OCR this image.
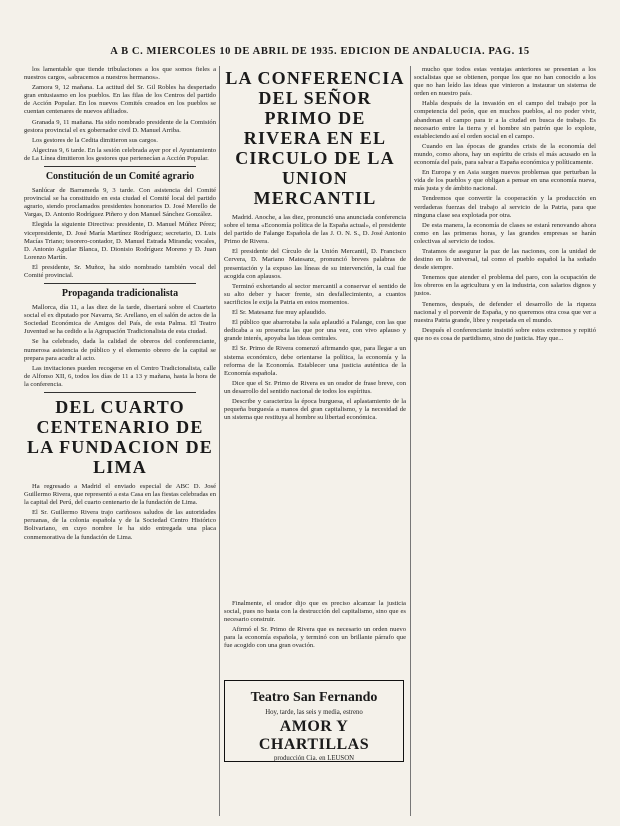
A B C. MIERCOLES 10 DE ABRIL DE 1935. EDICION DE ANDALUCIA. PAG. 15

los lamentable que tiende tribulaciones a los que somos fieles a nuestros cargos, «abracemos a nuestros hermanos».

Zamora 9, 12 mañana. La actitud del Sr. Gil Robles ha despertado gran entusiasmo en los pueblos. En las filas de los Centros del partido de Acción Popular. En los nuevos Comités creados en los pueblos se cuentan centenares de nuevos afiliados.

Granada 9, 11 mañana. Ha sido nombrado presidente de la Comisión gestora provincial el ex gobernador civil D. Manuel Arriba.

Los gestores de la Cedita dimitieron sus cargos.

Algeciras 9, 6 tarde. En la sesión celebrada ayer por el Ayuntamiento de La Línea dimitieron los gestores que pertenecían a Acción Popular.

Constitución de un Comité agrario

Sanlúcar de Barrameda 9, 3 tarde. Con asistencia del Comité provincial se ha constituido en esta ciudad el Comité local del partido agrario, siendo proclamados presidentes honorarios D. José Merello de Vargas, D. Antonio Rodríguez Piñero y don Manuel Sánchez González.

Elegida la siguiente Directiva: presidente, D. Manuel Múñez Pérez; vicepresidente, D. José María Martínez Rodríguez; secretario, D. Luis Macías Triano; tesorero-contador, D. Manuel Estrada Miranda; vocales, D. Antonio Aguilar Blanca, D. Dionisio Rodríguez Moreno y D. Juan Lorenzo Martín.

El presidente, Sr. Muñoz, ha sido nombrado también vocal del Comité provincial.

Propaganda tradicionalista

Mallorca, día 11, a las diez de la tarde, disertará sobre el Cuarteto social el ex diputado por Navarra, Sr. Arellano, en el salón de actos de la Sociedad Económica de Amigos del País, de esta Palma. El Teatro Juventud se ha cedido a la Agrupación Tradicionalista de esta ciudad.

Se ha celebrado, dada la calidad de obreros del conferenciante, numerosa asistencia de público y el elemento obrero de la capital se prepara para acudir al acto.

Las invitaciones pueden recogerse en el Centro Tradicionalista, calle de Alfonso XII, 6, todos los días de 11 a 13 y mañana, hasta la hora de la conferencia.

DEL CUARTO CENTENARIO DE LA FUNDACION DE LIMA

Ha regresado a Madrid el enviado especial de ABC D. José Guillermo Rivera, que representó a esta Casa en las fiestas celebradas en la capital del Perú, del cuarto centenario de la fundación de Lima.

El Sr. Guillermo Rivera trajo cariñosos saludos de las autoridades peruanas, de la colonia española y de la Sociedad Centro Histórico Bolivariano, en cuyo nombre le ha sido entregada una placa conmemorativa de la fundación de Lima.

LA CONFERENCIA DEL SEÑOR PRIMO DE RIVERA EN EL CIRCULO DE LA UNION MERCANTIL

Madrid. Anoche, a las diez, pronunció una anunciada conferencia sobre el tema «Economía política de la España actual», el presidente del partido de Falange Española de las J. O. N. S., D. José Antonio Primo de Rivera.

El presidente del Círculo de la Unión Mercantil, D. Francisco Cervera, D. Mariano Matesanz, pronunció breves palabras de presentación y la expuso las líneas de su intervención, la cual fue acogida con aplausos.

Terminó exhortando al sector mercantil a conservar el sentido de su alto deber y hacer frente, sin desfallecimiento, a cuantos sacrificios le exija la Patria en estos momentos.

El Sr. Matesanz fue muy aplaudido.

El público que abarrotaba la sala aplaudió a Falange, con las que dedicaba a su presencia las que por una vez, con vivo aplauso y grande interés, apoyaba las ideas centrales.

El Sr. Primo de Rivera comenzó afirmando que, para llegar a un sistema económico, debe orientarse la política, la economía y la reforma de la Economía. Establecer una justicia auténtica de la Economía española.

Dice que el Sr. Primo de Rivera es un orador de frase breve, con un desarrollo del sentido nacional de todos los espíritus.

Describe y caracteriza la época burguesa, el aplastamiento de la pequeña burguesía a manos del gran capitalismo, y la necesidad de un sistema que restituya al hombre su libertad económica.

Finalmente, el orador dijo que es preciso alcanzar la justicia social, pues no basta con la destrucción del capitalismo, sino que es necesario construir.

Afirmó el Sr. Primo de Rivera que es necesario un orden nuevo para la economía española, y terminó con un brillante párrafo que fue acogido con una gran ovación.

Teatro San Fernando
Hoy, tarde, las seis y media, estreno
AMOR Y CHARTILLAS
producción Cia. en LEUSON

mucho que todos estas ventajas anteriores se presentan a los socialistas que se obtienen, porque los que no han conocido a los que no han leído las ideas que vinieron a instaurar un sistema de orden en nuestro país.

Habla después de la invasión en el campo del trabajo por la competencia del peón, que en muchos pueblos, al no poder vivir, abandonan el campo para ir a la ciudad en busca de trabajo. Es necesario entre la tierra y el hombre sin patrón que lo explote, estableciendo así el orden social en el campo.

Cuando en las épocas de grandes crisis de la economía del mundo, como ahora, hay un espíritu de crisis el más acusado en la economía del país, para salvar a España económica y políticamente.

En Europa y en Asia surgen nuevos problemas que perturban la vida de los pueblos y que obligan a pensar en una economía nueva, más justa y de ámbito nacional.

Tendremos que convertir la cooperación y la producción en verdaderas fuerzas del trabajo al servicio de la Patria, para que ninguna clase sea explotada por otra.

De esta manera, la economía de clases se estará renovando ahora como en las primeras horas, y las grandes empresas se harán colectivas al servicio de todos.

Tratamos de asegurar la paz de las naciones, con la unidad de destino en lo universal, tal como el pueblo español la ha soñado desde siempre.

Tenemos que atender el problema del paro, con la ocupación de los obreros en la agricultura y en la industria, con salarios dignos y justos.

Tenemos, después, de defender el desarrollo de la riqueza nacional y el porvenir de España, y no queremos otra cosa que ver a nuestra Patria grande, libre y respetada en el mundo.

Después el conferenciante insistió sobre estos extremos y repitió que no es cosa de partidismo, sino de justicia. Hay que...
